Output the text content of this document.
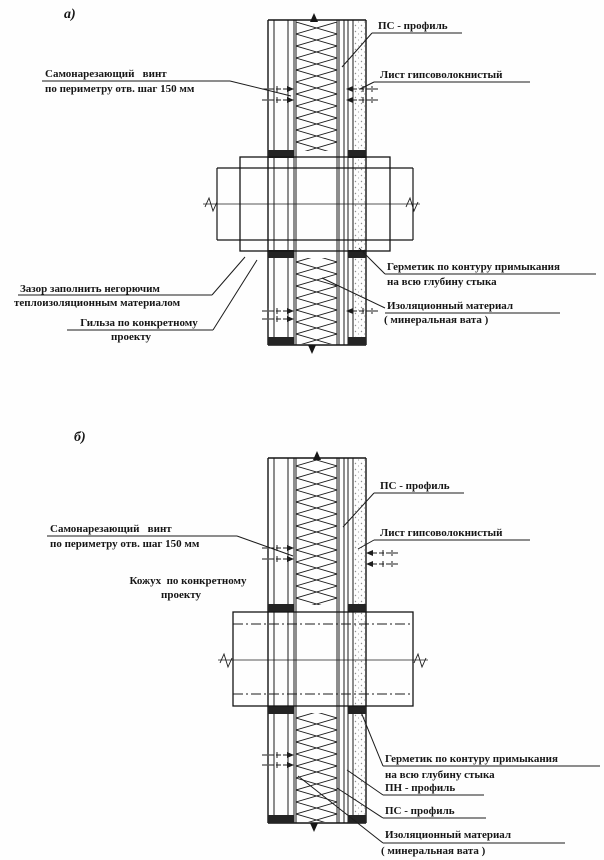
а)
Самонарезающий   винт
по периметру отв. шаг 150 мм
ПС - профиль
Лист гипсоволокнистый
Зазор заполнить негорючим
теплоизоляционным материалом
Гильза по конкретному
проекту
Герметик по контуру примыкания
на всю глубину стыка
Изоляционный материал
( минеральная вата )
б)
Самонарезающий   винт
по периметру отв. шаг 150 мм
Кожух  по конкретному
проекту
ПС - профиль
Лист гипсоволокнистый
Герметик по контуру примыкания
на всю глубину стыка
ПН - профиль
ПС - профиль
Изоляционный материал
( минеральная вата )
